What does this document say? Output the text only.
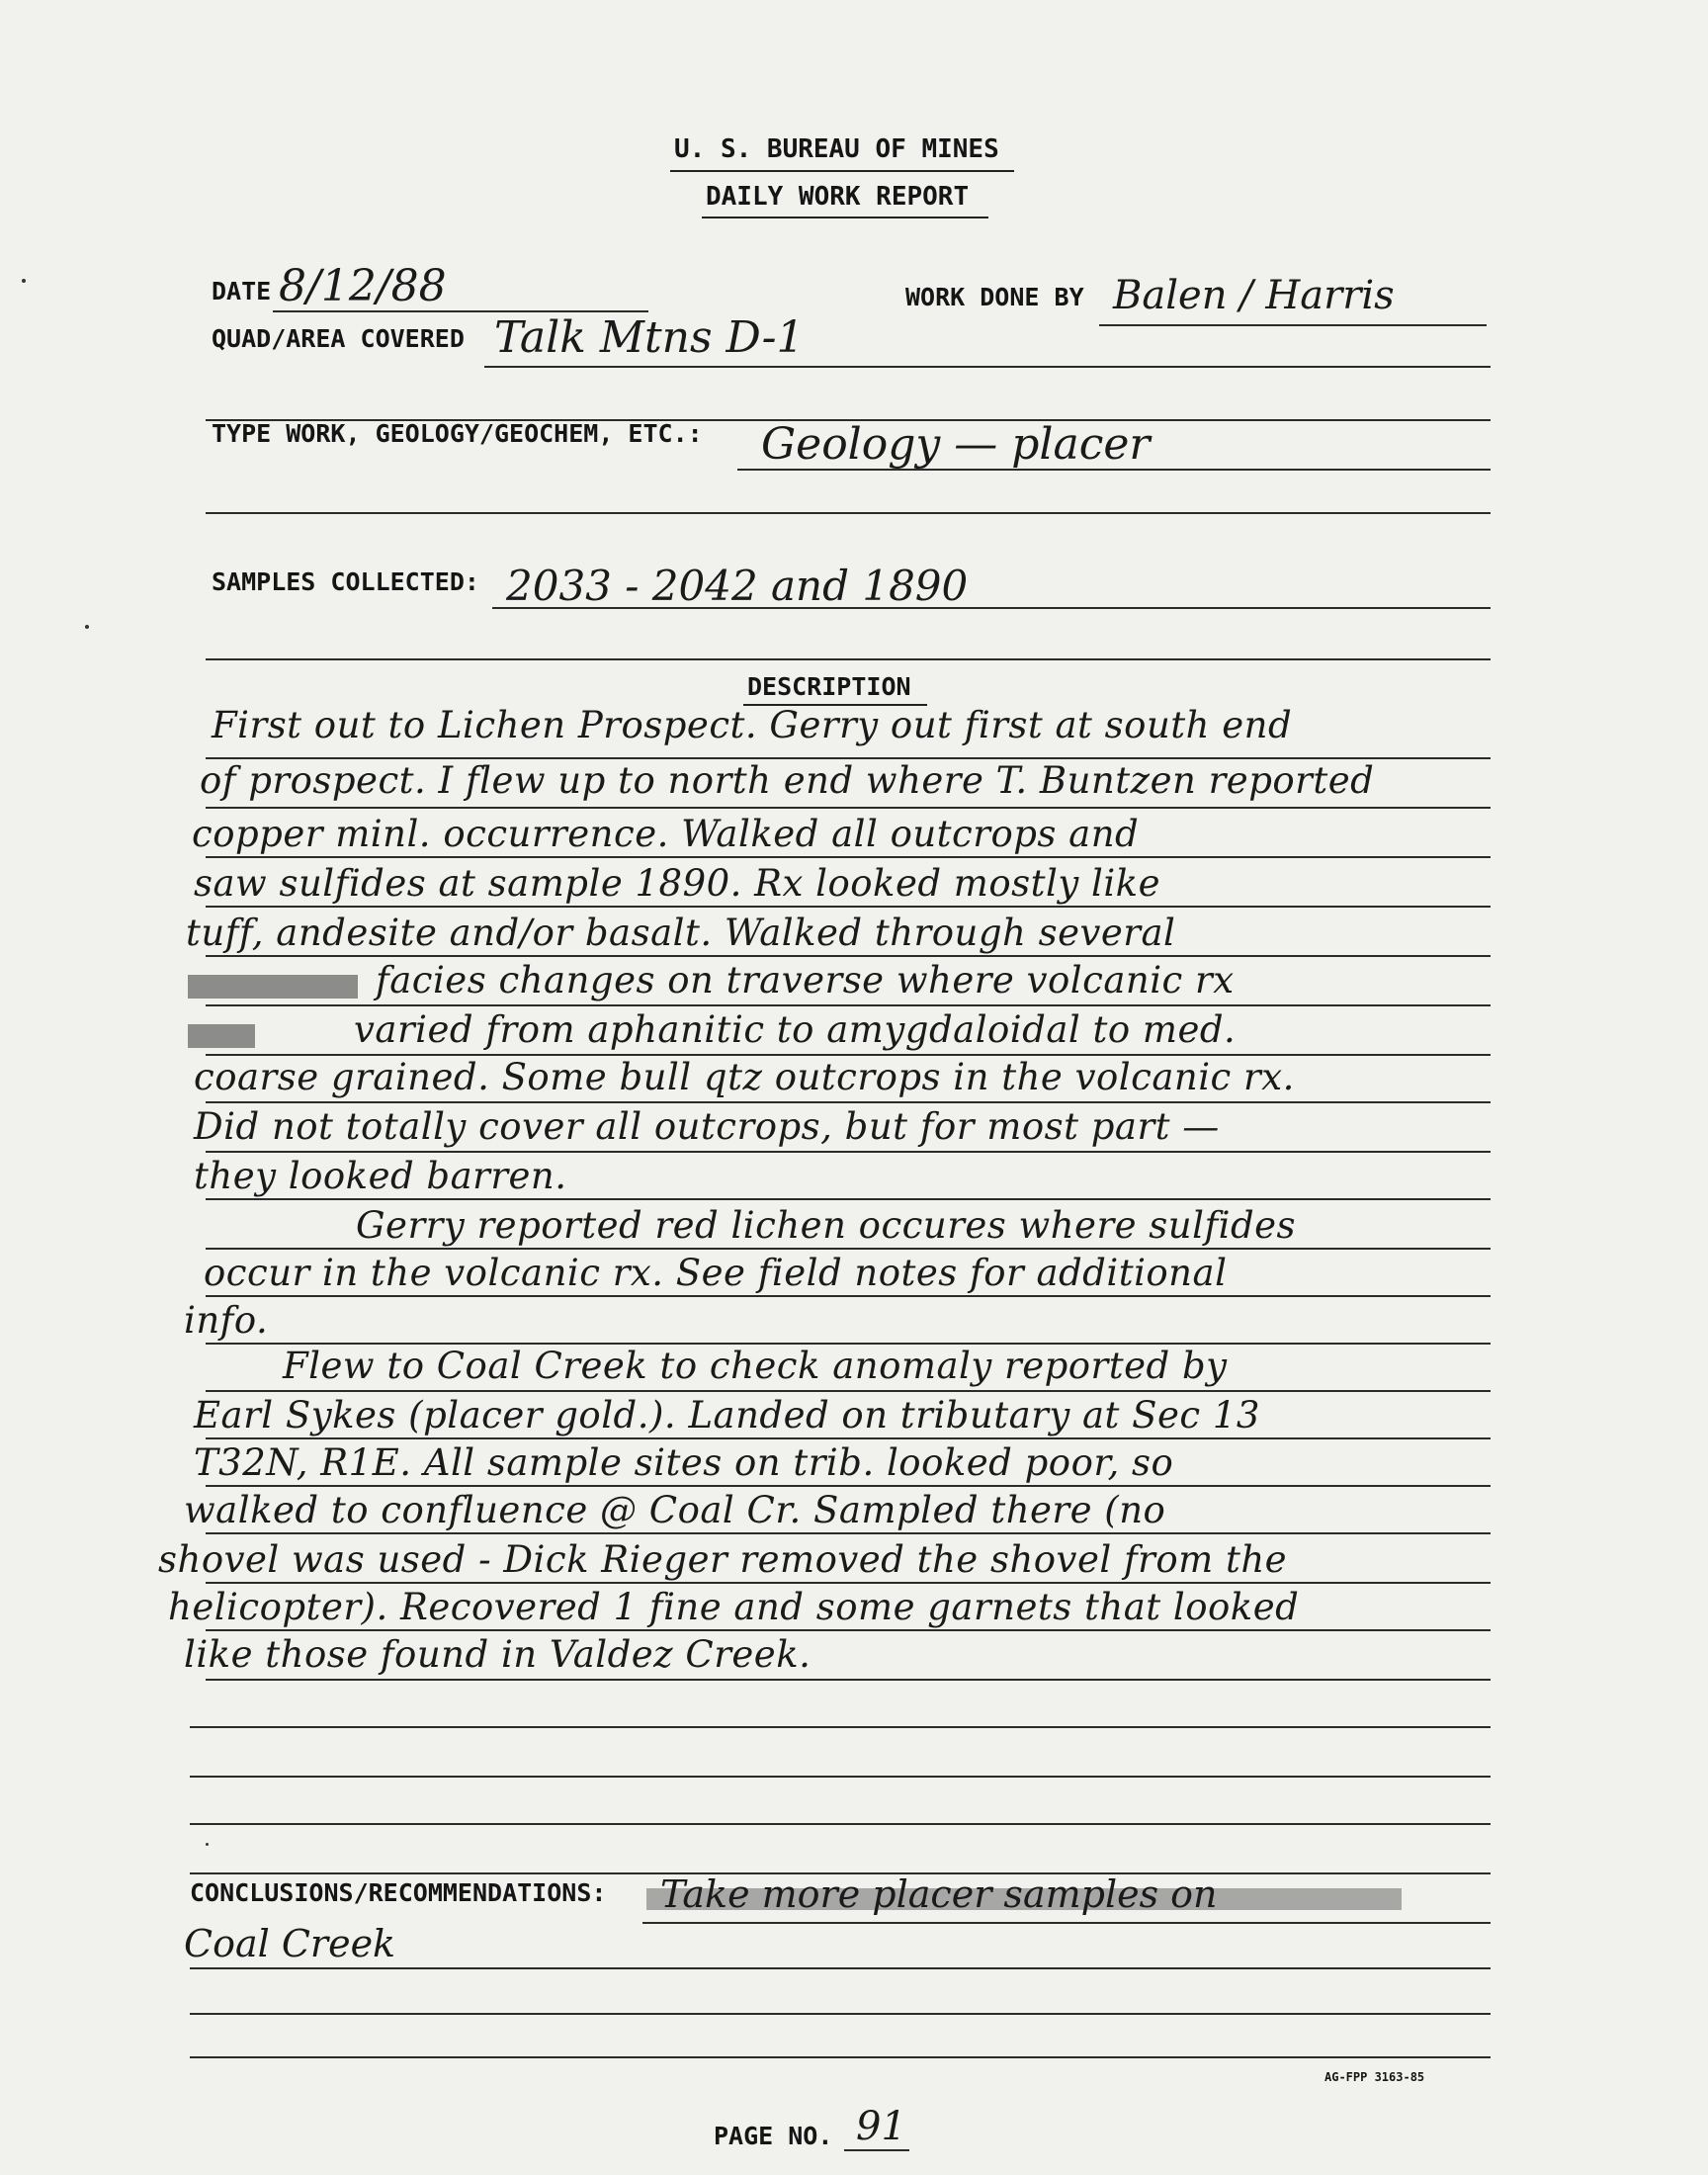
U. S. BUREAU OF MINES
DAILY WORK REPORT
DATE 8/12/88	WORK DONE BY Balen / Harris
QUAD/AREA COVERED Talk Mtns D-1
TYPE WORK, GEOLOGY/GEOCHEM, ETC.: Geology — placer
SAMPLES COLLECTED: 2033 - 2042 and 1890
DESCRIPTION
First out to Lichen Prospect. Gerry out first at south end
of prospect. I flew up to north end where T. Buntzen reported
copper minl. occurrence. Walked all outcrops and
saw sulfides at sample 1890. Rx looked mostly like
tuff, andesite and/or basalt. Walked through several
facies changes on traverse where volcanic rx
varied from aphanitic to amygdaloidal to med.
coarse grained. Some bull qtz outcrops in the volcanic rx.
Did not totally cover all outcrops, but for most part —
they looked barren.
Gerry reported red lichen occures where sulfides
occur in the volcanic rx. See field notes for additional
info.
Flew to Coal Creek to check anomaly reported by
Earl Sykes (placer gold.). Landed on tributary at Sec 13
T32N, R1E. All sample sites on trib. looked poor, so
walked to confluence @ Coal Cr. Sampled there (no
shovel was used - Dick Rieger removed the shovel from the
helicopter). Recovered 1 fine and some garnets that looked
like those found in Valdez Creek.
CONCLUSIONS/RECOMMENDATIONS: Take more placer samples on
Coal Creek
AG-FPP 3163-85
PAGE NO. 91
